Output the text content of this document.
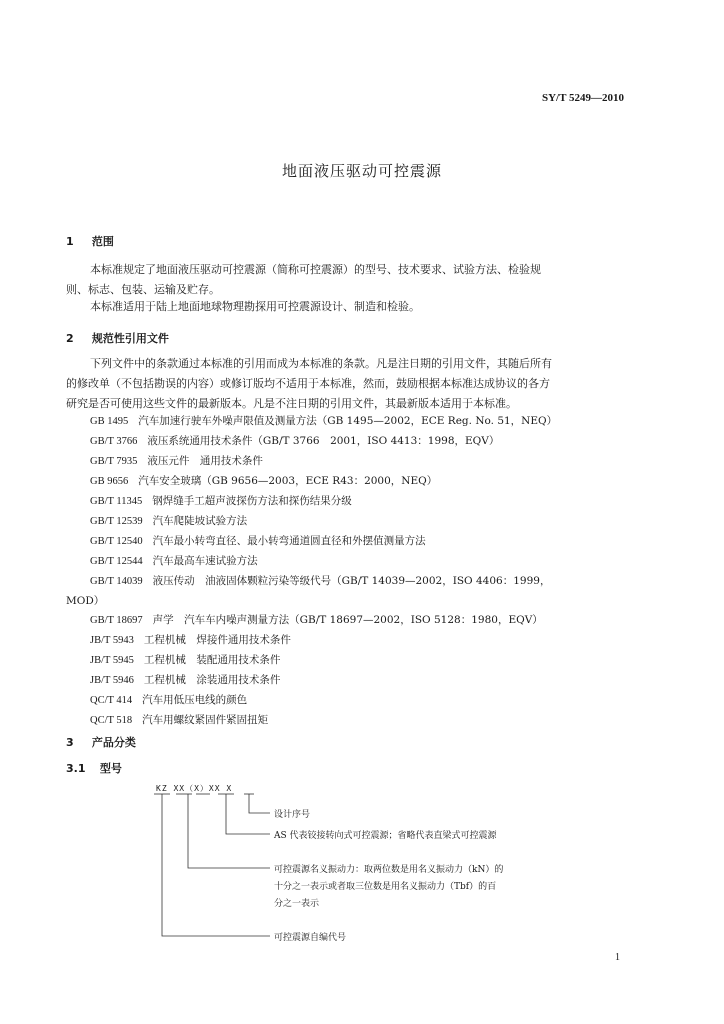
SY/T 5249—2010
地面液压驱动可控震源
1 范围
本标准规定了地面液压驱动可控震源（简称可控震源）的型号、技术要求、试验方法、检验规
则、标志、包装、运输及贮存。
本标准适用于陆上地面地球物理勘探用可控震源设计、制造和检验。
2 规范性引用文件
下列文件中的条款通过本标准的引用而成为本标准的条款。凡是注日期的引用文件，其随后所有
的修改单（不包括勘误的内容）或修订版均不适用于本标准，然而，鼓励根据本标准达成协议的各方
研究是否可使用这些文件的最新版本。凡是不注日期的引用文件，其最新版本适用于本标准。
GB 1495 汽车加速行驶车外噪声限值及测量方法（GB 1495—2002，ECE Reg. No. 51，NEQ）
GB/T 3766 液压系统通用技术条件（GB/T 3766　2001，ISO 4413：1998，EQV）
GB/T 7935 液压元件　通用技术条件
GB 9656 汽车安全玻璃（GB 9656—2003，ECE R43：2000，NEQ）
GB/T 11345 钢焊缝手工超声波探伤方法和探伤结果分级
GB/T 12539 汽车爬陡坡试验方法
GB/T 12540 汽车最小转弯直径、最小转弯通道圆直径和外摆值测量方法
GB/T 12544 汽车最高车速试验方法
GB/T 14039 液压传动　油液固体颗粒污染等级代号（GB/T 14039—2002，ISO 4406：1999，
MOD）
GB/T 18697 声学　汽车车内噪声测量方法（GB/T 18697—2002，ISO 5128：1980，EQV）
JB/T 5943 工程机械　焊接件通用技术条件
JB/T 5945 工程机械　装配通用技术条件
JB/T 5946 工程机械　涂装通用技术条件
QC/T 414 汽车用低压电线的颜色
QC/T 518 汽车用螺纹紧固件紧固扭矩
3 产品分类
3.1 型号
KZ XX（X）XX X
设计序号
AS 代表铰接转向式可控震源；省略代表直梁式可控震源
可控震源名义振动力：取两位数是用名义振动力（kN）的
十分之一表示或者取三位数是用名义振动力（Tbf）的百
分之一表示
可控震源自编代号
1
